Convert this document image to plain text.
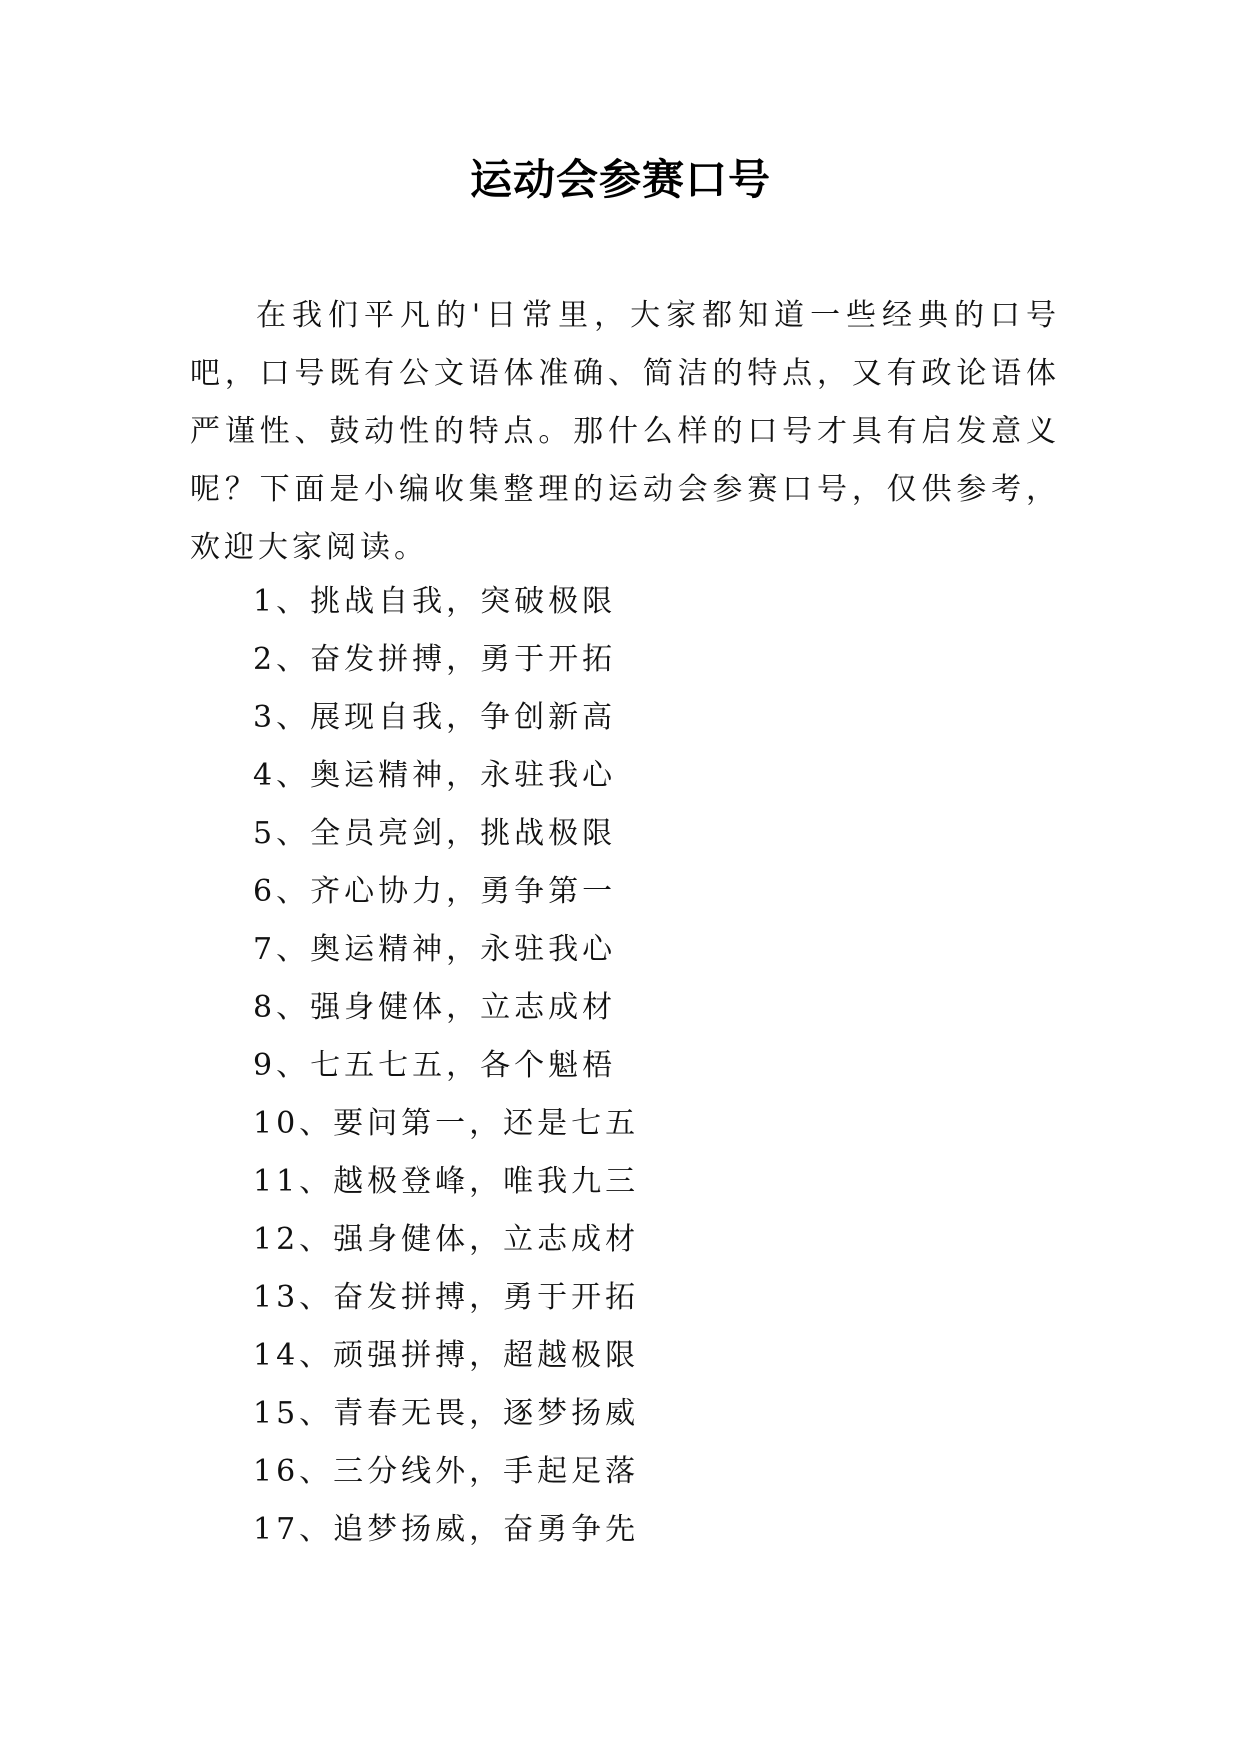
运动会参赛口号

在我们平凡的'日常里，大家都知道一些经典的口号吧，口号既有公文语体准确、简洁的特点，又有政论语体严谨性、鼓动性的特点。那什么样的口号才具有启发意义呢？下面是小编收集整理的运动会参赛口号，仅供参考，欢迎大家阅读。

1、挑战自我，突破极限
2、奋发拼搏，勇于开拓
3、展现自我，争创新高
4、奥运精神，永驻我心
5、全员亮剑，挑战极限
6、齐心协力，勇争第一
7、奥运精神，永驻我心
8、强身健体，立志成材
9、七五七五，各个魁梧
10、要问第一，还是七五
11、越极登峰，唯我九三
12、强身健体，立志成材
13、奋发拼搏，勇于开拓
14、顽强拼搏，超越极限
15、青春无畏，逐梦扬威
16、三分线外，手起足落
17、追梦扬威，奋勇争先
